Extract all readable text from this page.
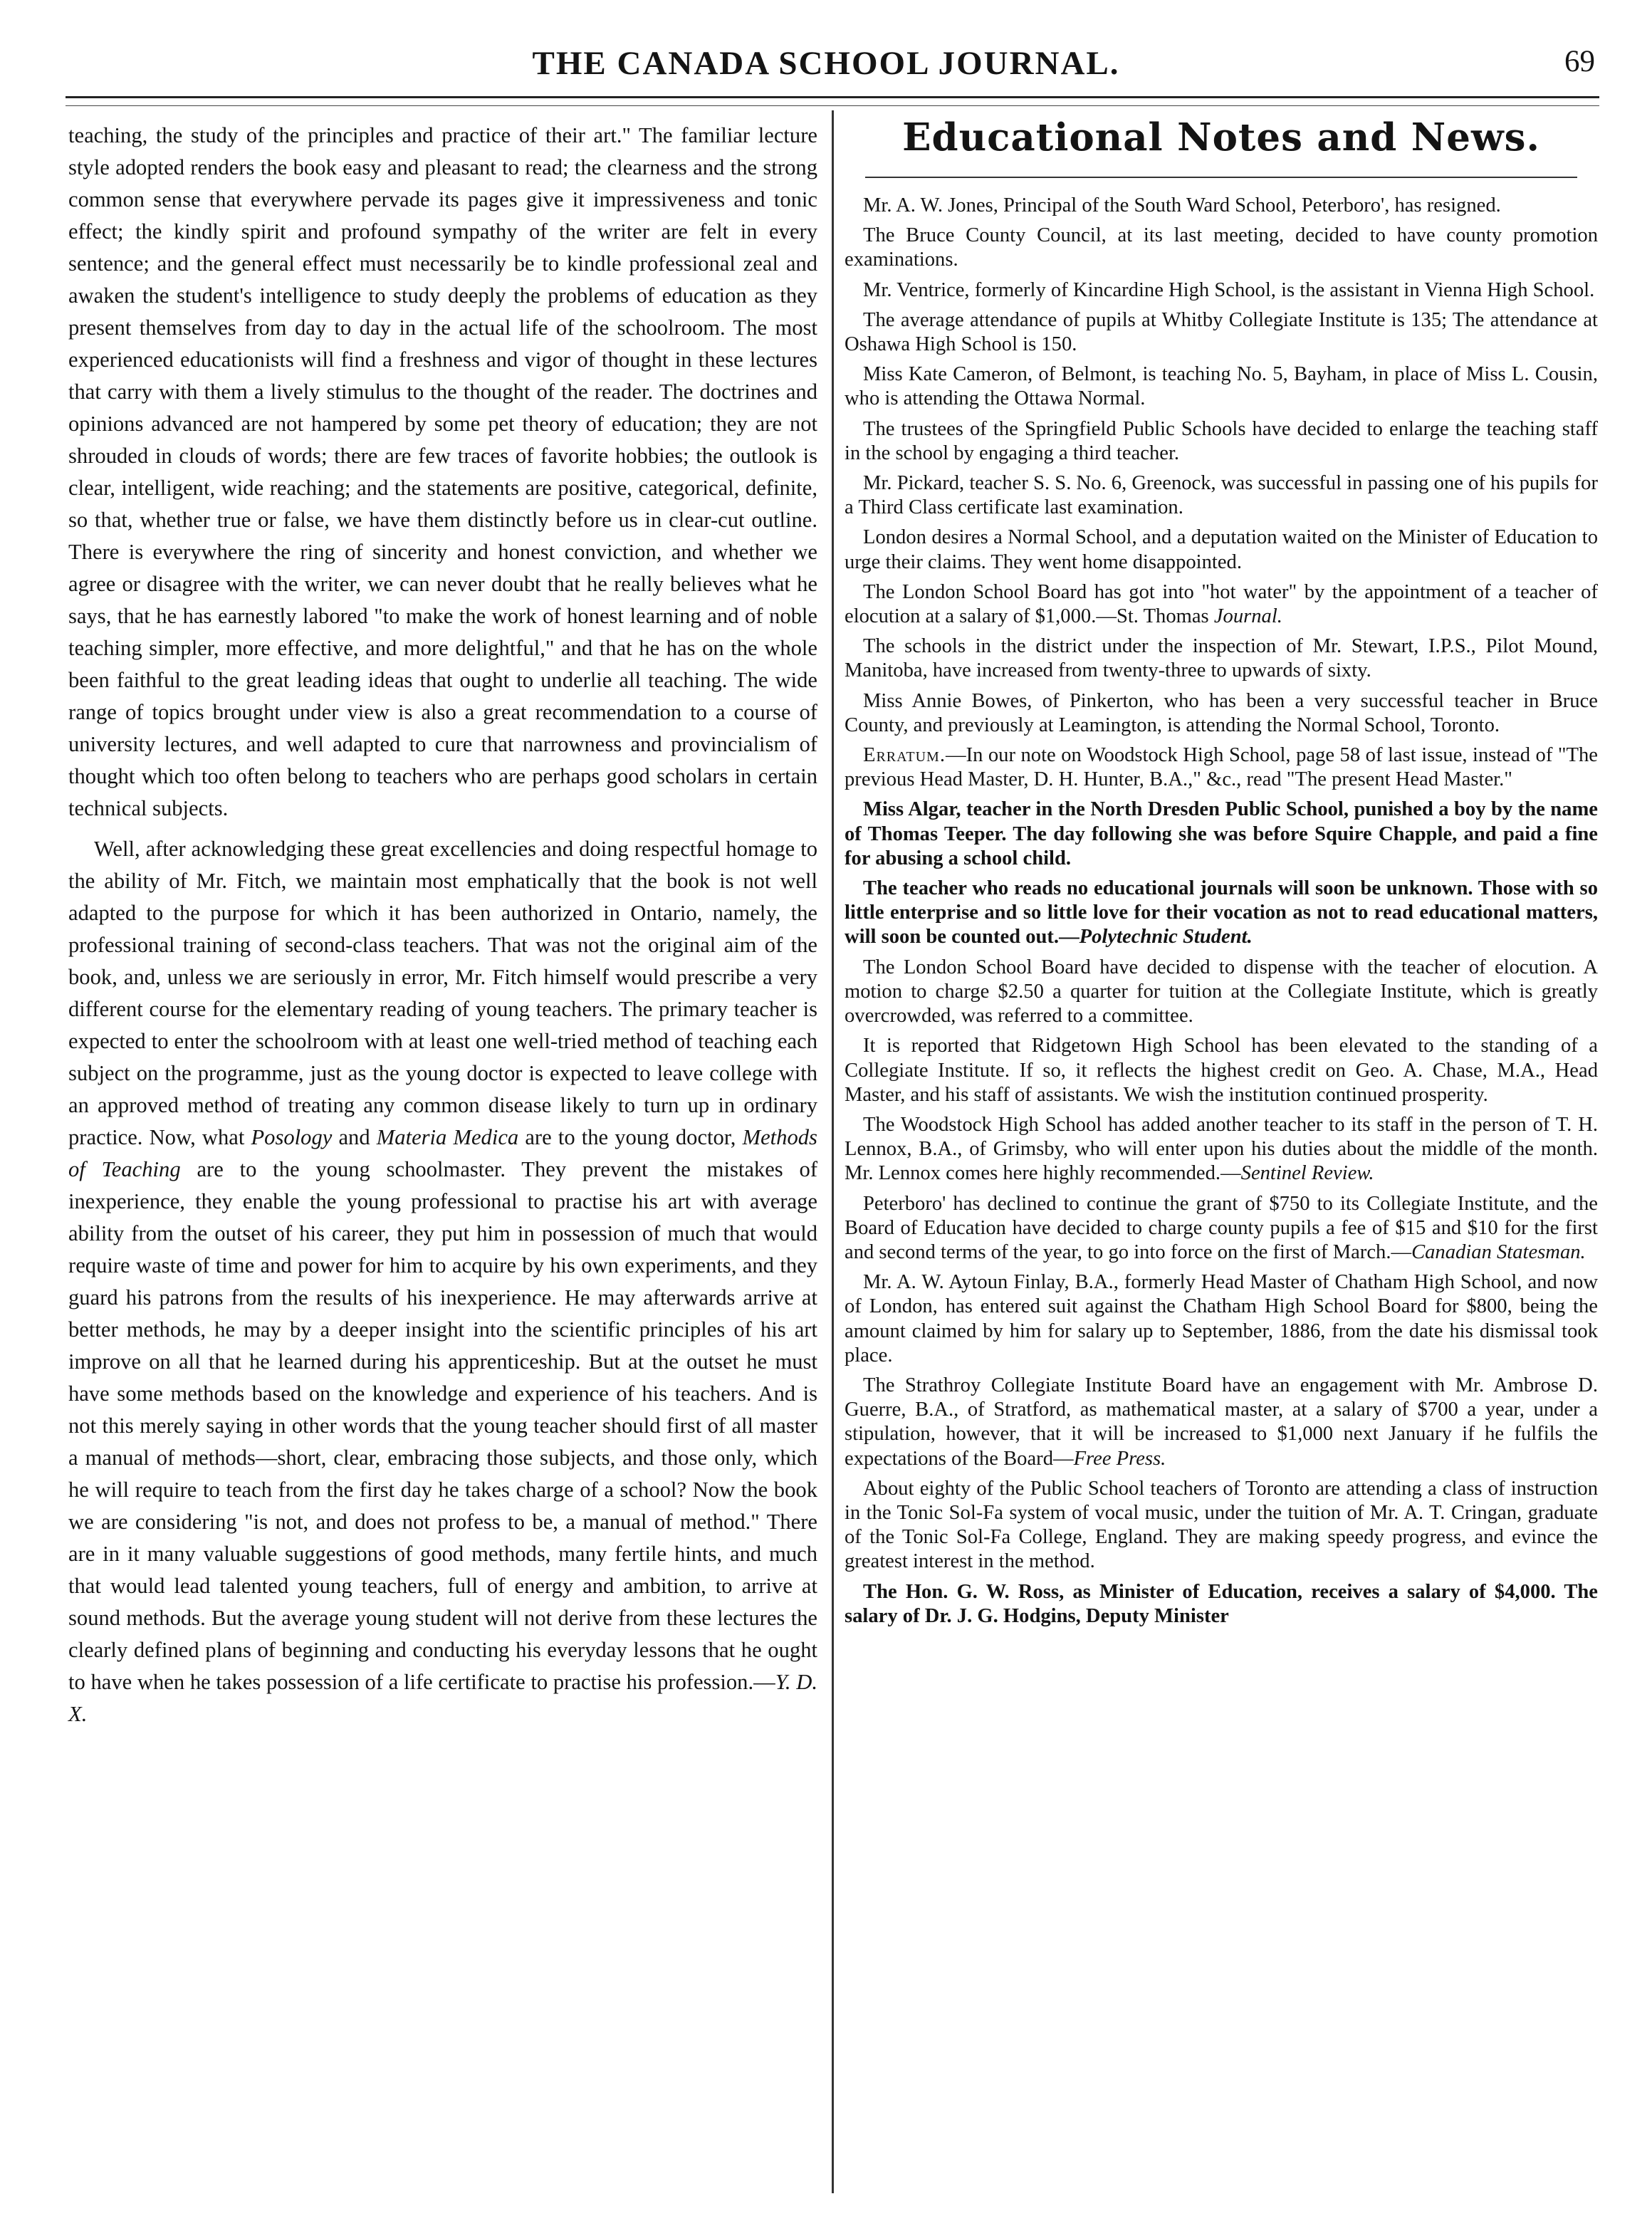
THE CANADA SCHOOL JOURNAL.	69

teaching, the study of the principles and practice of their art." The familiar lecture style adopted renders the book easy and pleasant to read; the clearness and the strong common sense that everywhere pervade its pages give it impressiveness and tonic effect; the kindly spirit and profound sympathy of the writer are felt in every sentence; and the general effect must necessarily be to kindle professional zeal and awaken the student's intelligence to study deeply the problems of education as they present themselves from day to day in the actual life of the schoolroom. The most experienced educationists will find a freshness and vigor of thought in these lectures that carry with them a lively stimulus to the thought of the reader. The doctrines and opinions advanced are not hampered by some pet theory of education; they are not shrouded in clouds of words; there are few traces of favorite hobbies; the outlook is clear, intelligent, wide reaching; and the statements are positive, categorical, definite, so that, whether true or false, we have them distinctly before us in clear-cut outline. There is everywhere the ring of sincerity and honest conviction, and whether we agree or disagree with the writer, we can never doubt that he really believes what he says, that he has earnestly labored "to make the work of honest learning and of noble teaching simpler, more effective, and more delightful," and that he has on the whole been faithful to the great leading ideas that ought to underlie all teaching. The wide range of topics brought under view is also a great recommendation to a course of university lectures, and well adapted to cure that narrowness and provincialism of thought which too often belong to teachers who are perhaps good scholars in certain technical subjects.

Well, after acknowledging these great excellencies and doing respectful homage to the ability of Mr. Fitch, we maintain most emphatically that the book is not well adapted to the purpose for which it has been authorized in Ontario, namely, the professional training of second-class teachers. That was not the original aim of the book, and, unless we are seriously in error, Mr. Fitch himself would prescribe a very different course for the elementary reading of young teachers. The primary teacher is expected to enter the schoolroom with at least one well-tried method of teaching each subject on the programme, just as the young doctor is expected to leave college with an approved method of treating any common disease likely to turn up in ordinary practice. Now, what Posology and Materia Medica are to the young doctor, Methods of Teaching are to the young schoolmaster. They prevent the mistakes of inexperience, they enable the young professional to practise his art with average ability from the outset of his career, they put him in possession of much that would require waste of time and power for him to acquire by his own experiments, and they guard his patrons from the results of his inexperience. He may afterwards arrive at better methods, he may by a deeper insight into the scientific principles of his art improve on all that he learned during his apprenticeship. But at the outset he must have some methods based on the knowledge and experience of his teachers. And is not this merely saying in other words that the young teacher should first of all master a manual of methods—short, clear, embracing those subjects, and those only, which he will require to teach from the first day he takes charge of a school? Now the book we are considering "is not, and does not profess to be, a manual of method." There are in it many valuable suggestions of good methods, many fertile hints, and much that would lead talented young teachers, full of energy and ambition, to arrive at sound methods. But the average young student will not derive from these lectures the clearly defined plans of beginning and conducting his everyday lessons that he ought to have when he takes possession of a life certificate to practise his profession.—Y. D. X.

Educational Notes and News.

Mr. A. W. Jones, Principal of the South Ward School, Peterboro', has resigned.

The Bruce County Council, at its last meeting, decided to have county promotion examinations.

Mr. Ventrice, formerly of Kincardine High School, is the assistant in Vienna High School.

The average attendance of pupils at Whitby Collegiate Institute is 135; The attendance at Oshawa High School is 150.

Miss Kate Cameron, of Belmont, is teaching No. 5, Bayham, in place of Miss L. Cousin, who is attending the Ottawa Normal.

The trustees of the Springfield Public Schools have decided to enlarge the teaching staff in the school by engaging a third teacher.

Mr. Pickard, teacher S. S. No. 6, Greenock, was successful in passing one of his pupils for a Third Class certificate last examination.

London desires a Normal School, and a deputation waited on the Minister of Education to urge their claims. They went home disappointed.

The London School Board has got into "hot water" by the appointment of a teacher of elocution at a salary of $1,000.—St. Thomas Journal.

The schools in the district under the inspection of Mr. Stewart, I.P.S., Pilot Mound, Manitoba, have increased from twenty-three to upwards of sixty.

Miss Annie Bowes, of Pinkerton, who has been a very successful teacher in Bruce County, and previously at Leamington, is attending the Normal School, Toronto.

Erratum.—In our note on Woodstock High School, page 58 of last issue, instead of "The previous Head Master, D. H. Hunter, B.A.," &c., read "The present Head Master."

Miss Algar, teacher in the North Dresden Public School, punished a boy by the name of Thomas Teeper. The day following she was before Squire Chapple, and paid a fine for abusing a school child.

The teacher who reads no educational journals will soon be unknown. Those with so little enterprise and so little love for their vocation as not to read educational matters, will soon be counted out.—Polytechnic Student.

The London School Board have decided to dispense with the teacher of elocution. A motion to charge $2.50 a quarter for tuition at the Collegiate Institute, which is greatly overcrowded, was referred to a committee.

It is reported that Ridgetown High School has been elevated to the standing of a Collegiate Institute. If so, it reflects the highest credit on Geo. A. Chase, M.A., Head Master, and his staff of assistants. We wish the institution continued prosperity.

The Woodstock High School has added another teacher to its staff in the person of T. H. Lennox, B.A., of Grimsby, who will enter upon his duties about the middle of the month. Mr. Lennox comes here highly recommended.—Sentinel Review.

Peterboro' has declined to continue the grant of $750 to its Collegiate Institute, and the Board of Education have decided to charge county pupils a fee of $15 and $10 for the first and second terms of the year, to go into force on the first of March.—Canadian Statesman.

Mr. A. W. Aytoun Finlay, B.A., formerly Head Master of Chatham High School, and now of London, has entered suit against the Chatham High School Board for $800, being the amount claimed by him for salary up to September, 1886, from the date his dismissal took place.

The Strathroy Collegiate Institute Board have an engagement with Mr. Ambrose D. Guerre, B.A., of Stratford, as mathematical master, at a salary of $700 a year, under a stipulation, however, that it will be increased to $1,000 next January if he fulfils the expectations of the Board—Free Press.

About eighty of the Public School teachers of Toronto are attending a class of instruction in the Tonic Sol-Fa system of vocal music, under the tuition of Mr. A. T. Cringan, graduate of the Tonic Sol-Fa College, England. They are making speedy progress, and evince the greatest interest in the method.

The Hon. G. W. Ross, as Minister of Education, receives a salary of $4,000. The salary of Dr. J. G. Hodgins, Deputy Minister
